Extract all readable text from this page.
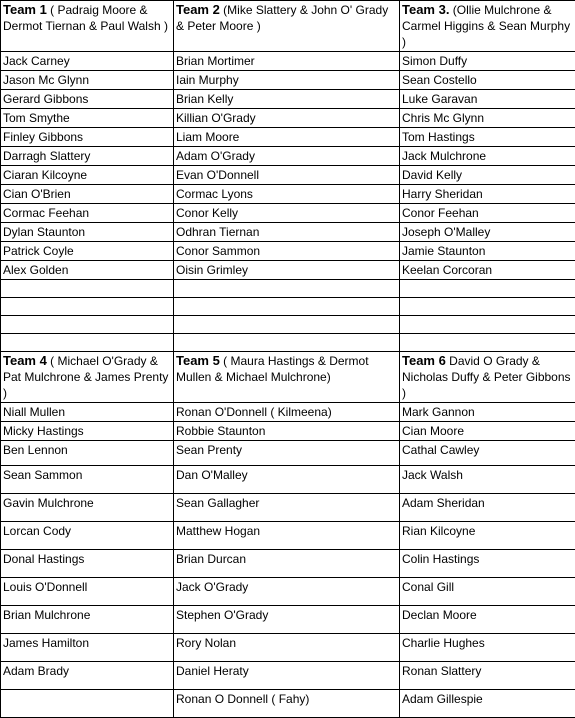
Team 1 ( Padraig Moore & Dermot Tiernan & Paul Walsh )	Team 2 (Mike Slattery & John O' Grady & Peter Moore )	Team 3. (Ollie Mulchrone & Carmel Higgins & Sean Murphy )
Jack Carney	Brian Mortimer	Simon Duffy
Jason Mc Glynn	Iain Murphy	Sean Costello
Gerard Gibbons	Brian Kelly	Luke Garavan
Tom Smythe	Killian O'Grady	Chris Mc Glynn
Finley Gibbons	Liam Moore	Tom Hastings
Darragh Slattery	Adam O'Grady	Jack Mulchrone
Ciaran Kilcoyne	Evan O'Donnell	David Kelly
Cian O'Brien	Cormac Lyons	Harry Sheridan
Cormac Feehan	Conor Kelly	Conor Feehan
Dylan Staunton	Odhran Tiernan	Joseph O'Malley
Patrick Coyle	Conor Sammon	Jamie Staunton
Alex Golden	Oisin Grimley	Keelan Corcoran

Team 4 ( Michael O'Grady & Pat Mulchrone & James Prenty )	Team 5 ( Maura Hastings & Dermot Mullen & Michael Mulchrone)	Team 6 David O Grady & Nicholas Duffy & Peter Gibbons )
Niall Mullen	Ronan O'Donnell ( Kilmeena)	Mark Gannon
Micky Hastings	Robbie Staunton	Cian Moore
Ben Lennon	Sean Prenty	Cathal Cawley
Sean Sammon	Dan O'Malley	Jack Walsh
Gavin Mulchrone	Sean Gallagher	Adam Sheridan
Lorcan Cody	Matthew Hogan	Rian Kilcoyne
Donal Hastings	Brian Durcan	Colin Hastings
Louis O'Donnell	Jack O'Grady	Conal Gill
Brian Mulchrone	Stephen O'Grady	Declan Moore
James Hamilton	Rory Nolan	Charlie Hughes
Adam Brady	Daniel Heraty	Ronan Slattery
	Ronan O Donnell ( Fahy)	Adam Gillespie
